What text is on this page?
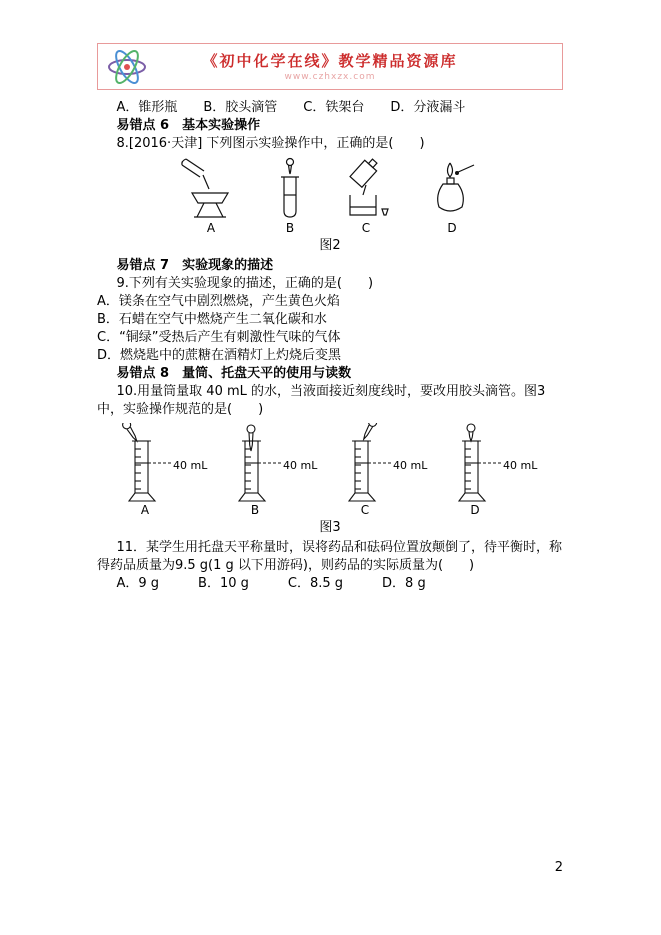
《初中化学在线》教学精品资源库
www.czhxzx.com

A．锥形瓶　　B．胶头滴管　　C．铁架台　　D．分液漏斗

易错点 6　基本实验操作

8.[2016·天津] 下列图示实验操作中，正确的是(　　)

A	B	C	D
图2

易错点 7　实验现象的描述

9.下列有关实验现象的描述，正确的是(　　)

A．镁条在空气中剧烈燃烧，产生黄色火焰

B．石蜡在空气中燃烧产生二氧化碳和水

C．“铜绿”受热后产生有刺激性气味的气体

D．燃烧匙中的蔗糖在酒精灯上灼烧后变黑

易错点 8　量筒、托盘天平的使用与读数

10.用量筒量取 40 mL 的水，当液面接近刻度线时，要改用胶头滴管。图3中，实验操作规范的是(　　)

40 mL
A
40 mL
B
40 mL
C
40 mL
D
图3

11．某学生用托盘天平称量时，误将药品和砝码位置放颠倒了，待平衡时，称得药品质量为9.5 g(1 g 以下用游码)，则药品的实际质量为(　　)

A．9 g　　　B．10 g　　　C．8.5 g　　　D．8 g

2
